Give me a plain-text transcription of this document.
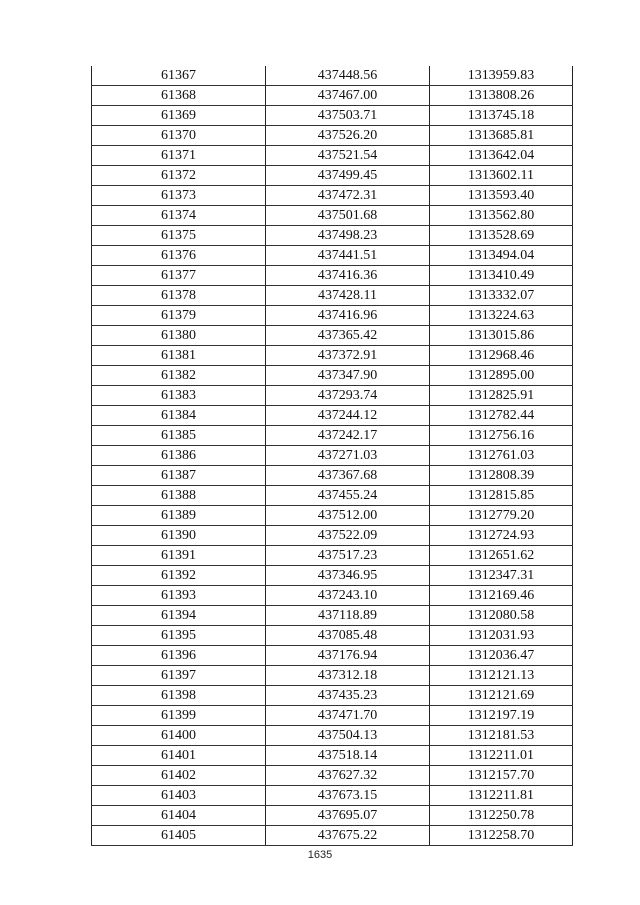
61367	437448.56	1313959.83
61368	437467.00	1313808.26
61369	437503.71	1313745.18
61370	437526.20	1313685.81
61371	437521.54	1313642.04
61372	437499.45	1313602.11
61373	437472.31	1313593.40
61374	437501.68	1313562.80
61375	437498.23	1313528.69
61376	437441.51	1313494.04
61377	437416.36	1313410.49
61378	437428.11	1313332.07
61379	437416.96	1313224.63
61380	437365.42	1313015.86
61381	437372.91	1312968.46
61382	437347.90	1312895.00
61383	437293.74	1312825.91
61384	437244.12	1312782.44
61385	437242.17	1312756.16
61386	437271.03	1312761.03
61387	437367.68	1312808.39
61388	437455.24	1312815.85
61389	437512.00	1312779.20
61390	437522.09	1312724.93
61391	437517.23	1312651.62
61392	437346.95	1312347.31
61393	437243.10	1312169.46
61394	437118.89	1312080.58
61395	437085.48	1312031.93
61396	437176.94	1312036.47
61397	437312.18	1312121.13
61398	437435.23	1312121.69
61399	437471.70	1312197.19
61400	437504.13	1312181.53
61401	437518.14	1312211.01
61402	437627.32	1312157.70
61403	437673.15	1312211.81
61404	437695.07	1312250.78
61405	437675.22	1312258.70
1635
